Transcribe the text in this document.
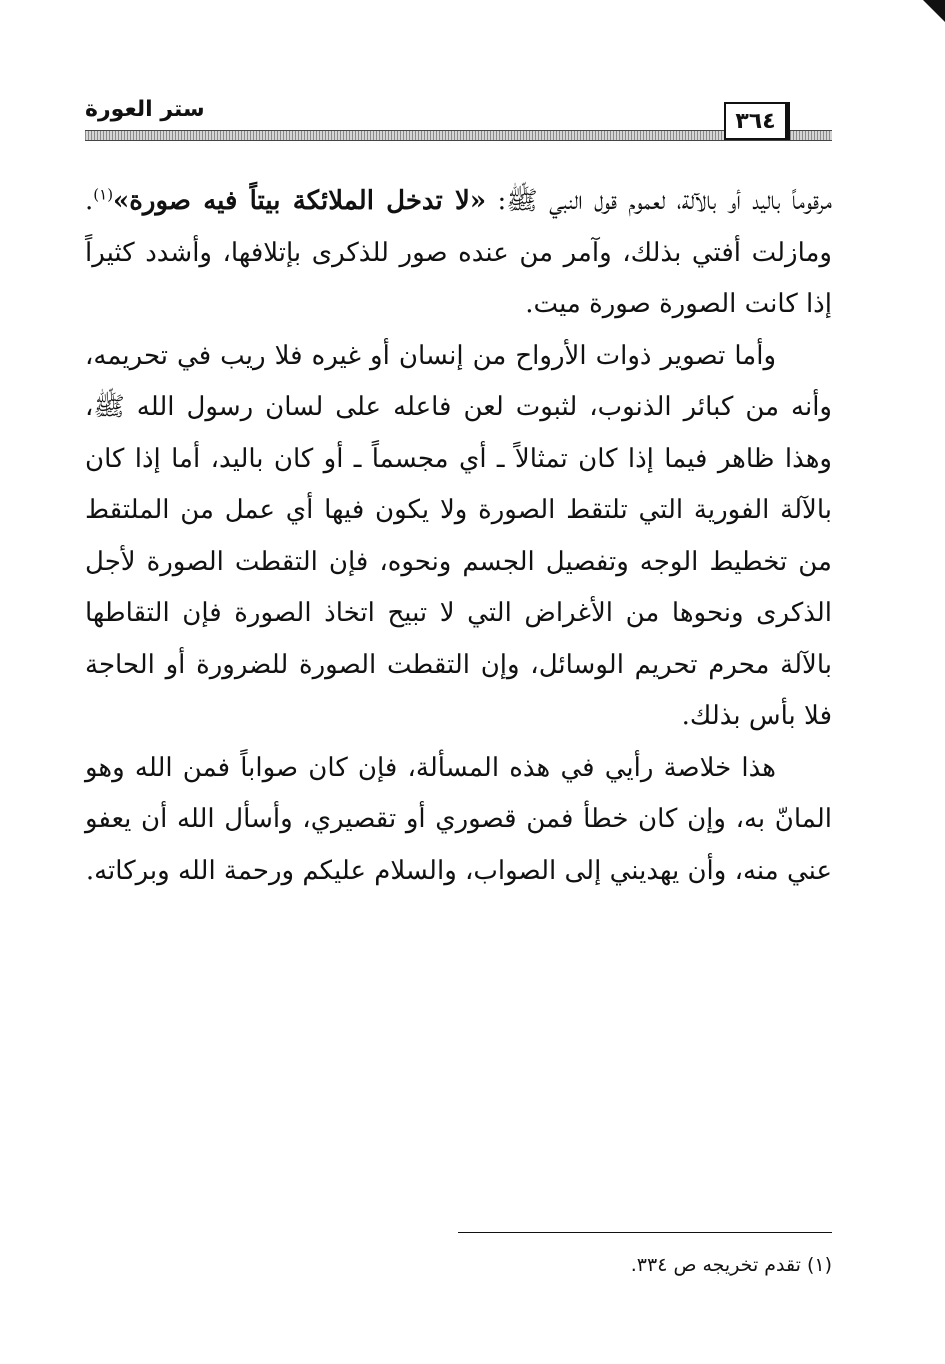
ستر العورة	٣٦٤

مرقوماً باليد أو بالآلة، لعموم قول النبي ﷺ: «لا تدخل الملائكة بيتاً فيه صورة»$^{(١)}$. ومازلت أفتي بذلك، وآمر من عنده صور للذكرى بإتلافها، وأشدد كثيراً إذا كانت الصورة صورة ميت.

وأما تصوير ذوات الأرواح من إنسان أو غيره فلا ريب في تحريمه، وأنه من كبائر الذنوب، لثبوت لعن فاعله على لسان رسول الله ﷺ، وهذا ظاهر فيما إذا كان تمثالاً ـ أي مجسماً ـ أو كان باليد، أما إذا كان بالآلة الفورية التي تلتقط الصورة ولا يكون فيها أي عمل من الملتقط من تخطيط الوجه وتفصيل الجسم ونحوه، فإن التقطت الصورة لأجل الذكرى ونحوها من الأغراض التي لا تبيح اتخاذ الصورة فإن التقاطها بالآلة محرم تحريم الوسائل، وإن التقطت الصورة للضرورة أو الحاجة فلا بأس بذلك.

هذا خلاصة رأيي في هذه المسألة، فإن كان صواباً فمن الله وهو المانّ به، وإن كان خطأ فمن قصوري أو تقصيري، وأسأل الله أن يعفو عني منه، وأن يهديني إلى الصواب، والسلام عليكم ورحمة الله وبركاته.

(١) تقدم تخريجه ص ٣٣٤.
